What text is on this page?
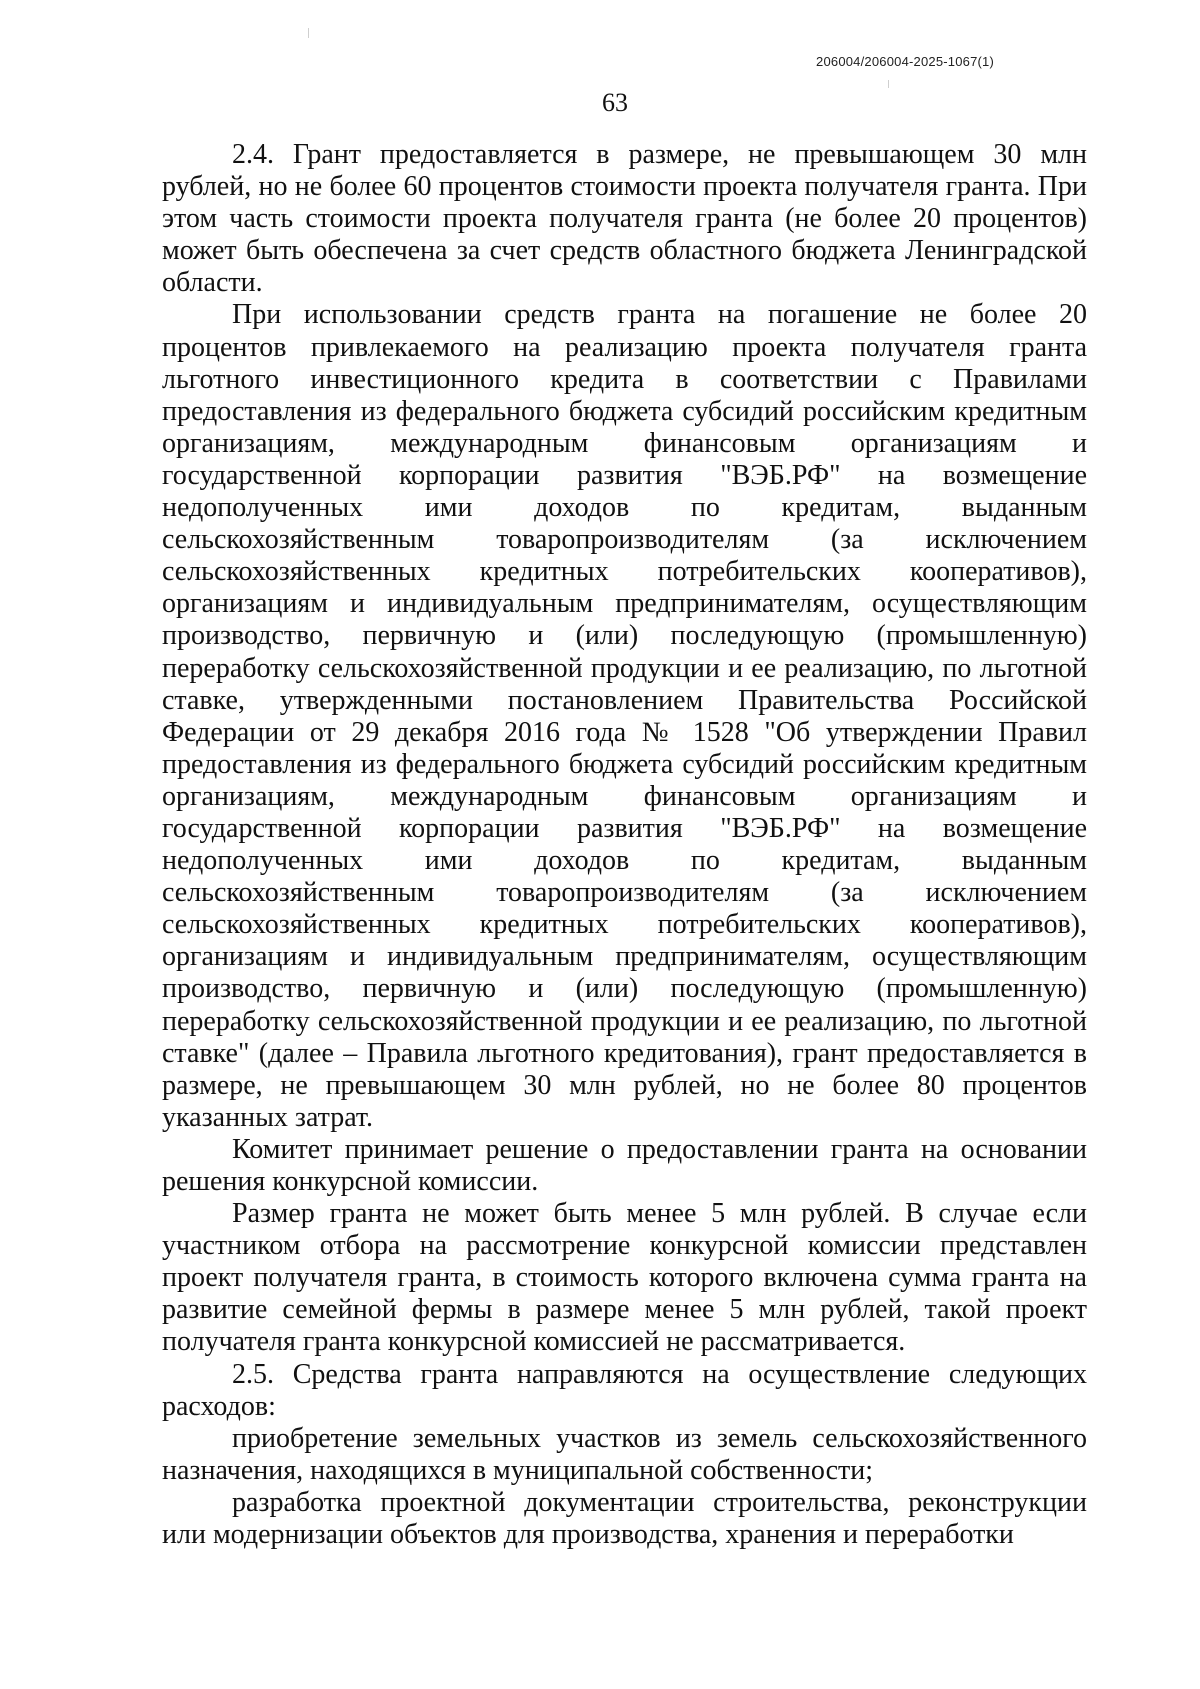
206004/206004-2025-1067(1)
63

2.4. Грант предоставляется в размере, не превышающем 30 млн рублей, но не более 60 процентов стоимости проекта получателя гранта. При этом часть стоимости проекта получателя гранта (не более 20 процентов) может быть обеспечена за счет средств областного бюджета Ленинградской области.

При использовании средств гранта на погашение не более 20 процентов привлекаемого на реализацию проекта получателя гранта льготного инвестиционного кредита в соответствии с Правилами предоставления из федерального бюджета субсидий российским кредитным организациям, международным финансовым организациям и государственной корпорации развития "ВЭБ.РФ" на возмещение недополученных ими доходов по кредитам, выданным сельскохозяйственным товаропроизводителям (за исключением сельскохозяйственных кредитных потребительских кооперативов), организациям и индивидуальным предпринимателям, осуществляющим производство, первичную и (или) последующую (промышленную) переработку сельскохозяйственной продукции и ее реализацию, по льготной ставке, утвержденными постановлением Правительства Российской Федерации от 29 декабря 2016 года № 1528 "Об утверждении Правил предоставления из федерального бюджета субсидий российским кредитным организациям, международным финансовым организациям и государственной корпорации развития "ВЭБ.РФ" на возмещение недополученных ими доходов по кредитам, выданным сельскохозяйственным товаропроизводителям (за исключением сельскохозяйственных кредитных потребительских кооперативов), организациям и индивидуальным предпринимателям, осуществляющим производство, первичную и (или) последующую (промышленную) переработку сельскохозяйственной продукции и ее реализацию, по льготной ставке" (далее – Правила льготного кредитования), грант предоставляется в размере, не превышающем 30 млн рублей, но не более 80 процентов указанных затрат.

Комитет принимает решение о предоставлении гранта на основании решения конкурсной комиссии.

Размер гранта не может быть менее 5 млн рублей. В случае если участником отбора на рассмотрение конкурсной комиссии представлен проект получателя гранта, в стоимость которого включена сумма гранта на развитие семейной фермы в размере менее 5 млн рублей, такой проект получателя гранта конкурсной комиссией не рассматривается.

2.5. Средства гранта направляются на осуществление следующих расходов:

приобретение земельных участков из земель сельскохозяйственного назначения, находящихся в муниципальной собственности;

разработка проектной документации строительства, реконструкции или модернизации объектов для производства, хранения и переработки
